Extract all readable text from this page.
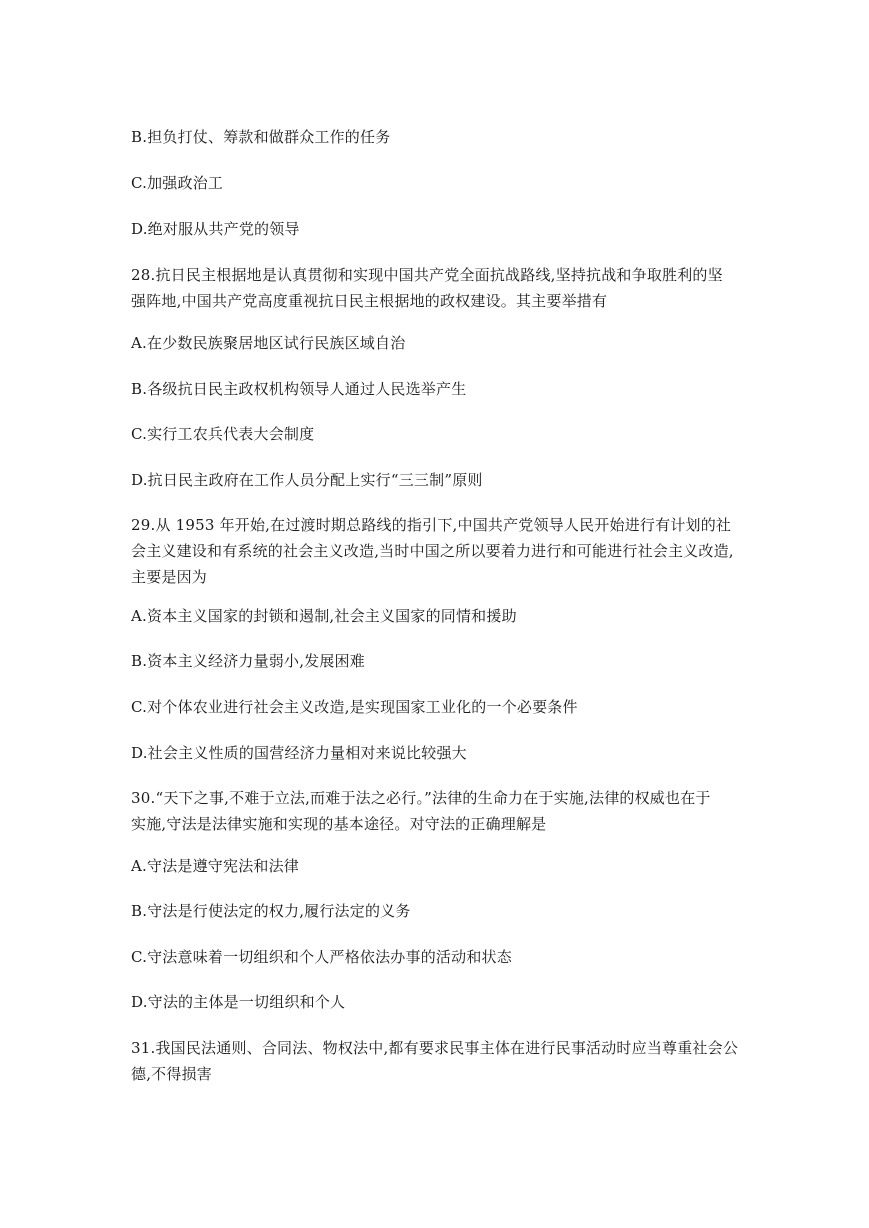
B.担负打仗、筹款和做群众工作的任务
C.加强政治工
D.绝对服从共产党的领导
28.抗日民主根据地是认真贯彻和实现中国共产党全面抗战路线,坚持抗战和争取胜利的坚
强阵地,中国共产党高度重视抗日民主根据地的政权建设。其主要举措有
A.在少数民族聚居地区试行民族区域自治
B.各级抗日民主政权机构领导人通过人民选举产生
C.实行工农兵代表大会制度
D.抗日民主政府在工作人员分配上实行“三三制”原则
29.从 1953 年开始,在过渡时期总路线的指引下,中国共产党领导人民开始进行有计划的社
会主义建设和有系统的社会主义改造,当时中国之所以要着力进行和可能进行社会主义改造,
主要是因为
A.资本主义国家的封锁和遏制,社会主义国家的同情和援助
B.资本主义经济力量弱小,发展困难
C.对个体农业进行社会主义改造,是实现国家工业化的一个必要条件
D.社会主义性质的国营经济力量相对来说比较强大
30.“天下之事,不难于立法,而难于法之必行。”法律的生命力在于实施,法律的权威也在于
实施,守法是法律实施和实现的基本途径。对守法的正确理解是
A.守法是遵守宪法和法律
B.守法是行使法定的权力,履行法定的义务
C.守法意味着一切组织和个人严格依法办事的活动和状态
D.守法的主体是一切组织和个人
31.我国民法通则、合同法、物权法中,都有要求民事主体在进行民事活动时应当尊重社会公
德,不得损害
